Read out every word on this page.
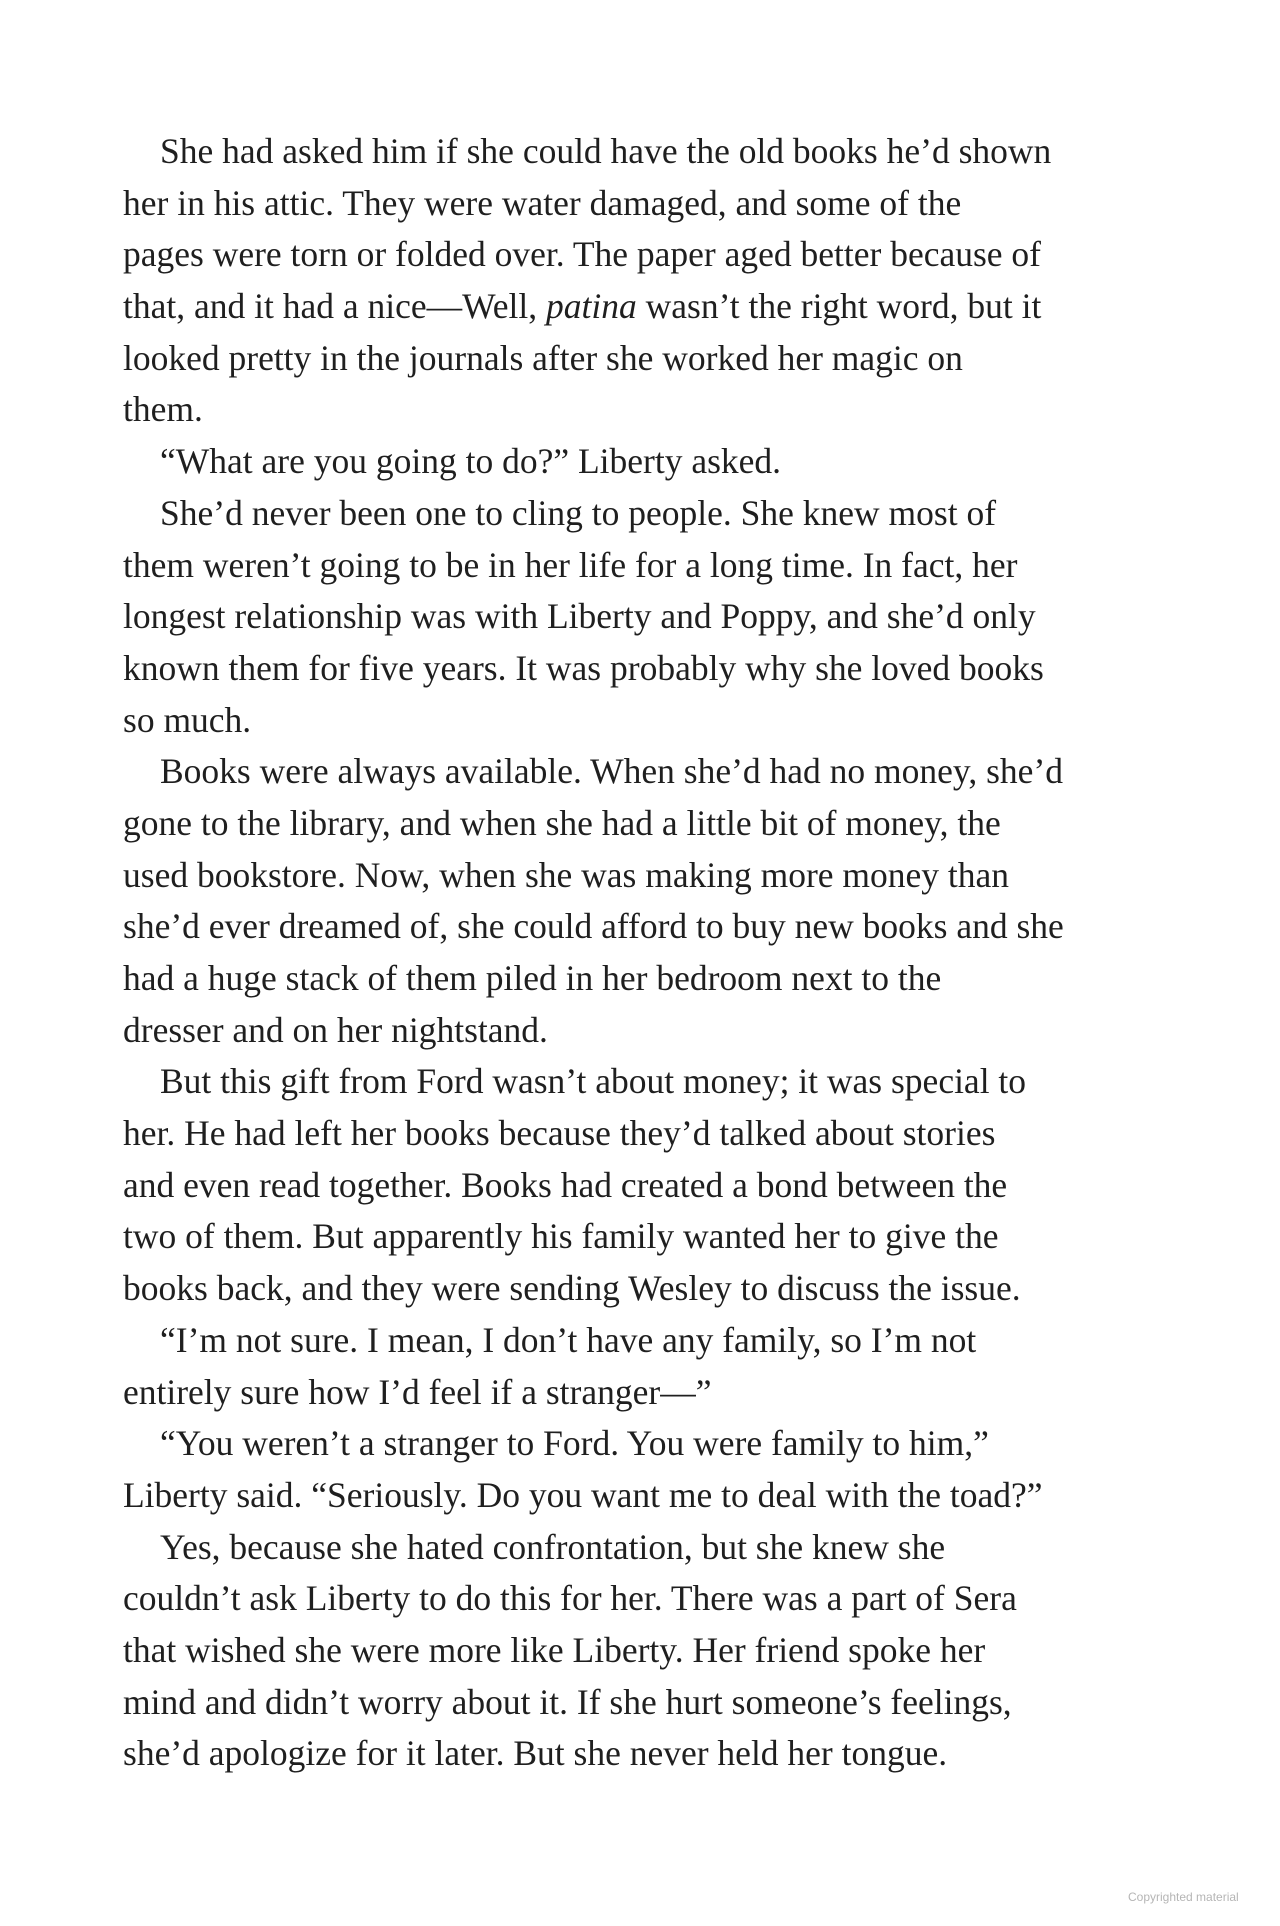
She had asked him if she could have the old books he’d shown
her in his attic. They were water damaged, and some of the
pages were torn or folded over. The paper aged better because of
that, and it had a nice—Well, patina wasn’t the right word, but it
looked pretty in the journals after she worked her magic on
them.
“What are you going to do?” Liberty asked.
She’d never been one to cling to people. She knew most of
them weren’t going to be in her life for a long time. In fact, her
longest relationship was with Liberty and Poppy, and she’d only
known them for five years. It was probably why she loved books
so much.
Books were always available. When she’d had no money, she’d
gone to the library, and when she had a little bit of money, the
used bookstore. Now, when she was making more money than
she’d ever dreamed of, she could afford to buy new books and she
had a huge stack of them piled in her bedroom next to the
dresser and on her nightstand.
But this gift from Ford wasn’t about money; it was special to
her. He had left her books because they’d talked about stories
and even read together. Books had created a bond between the
two of them. But apparently his family wanted her to give the
books back, and they were sending Wesley to discuss the issue.
“I’m not sure. I mean, I don’t have any family, so I’m not
entirely sure how I’d feel if a stranger—”
“You weren’t a stranger to Ford. You were family to him,”
Liberty said. “Seriously. Do you want me to deal with the toad?”
Yes, because she hated confrontation, but she knew she
couldn’t ask Liberty to do this for her. There was a part of Sera
that wished she were more like Liberty. Her friend spoke her
mind and didn’t worry about it. If she hurt someone’s feelings,
she’d apologize for it later. But she never held her tongue.
Copyrighted material
